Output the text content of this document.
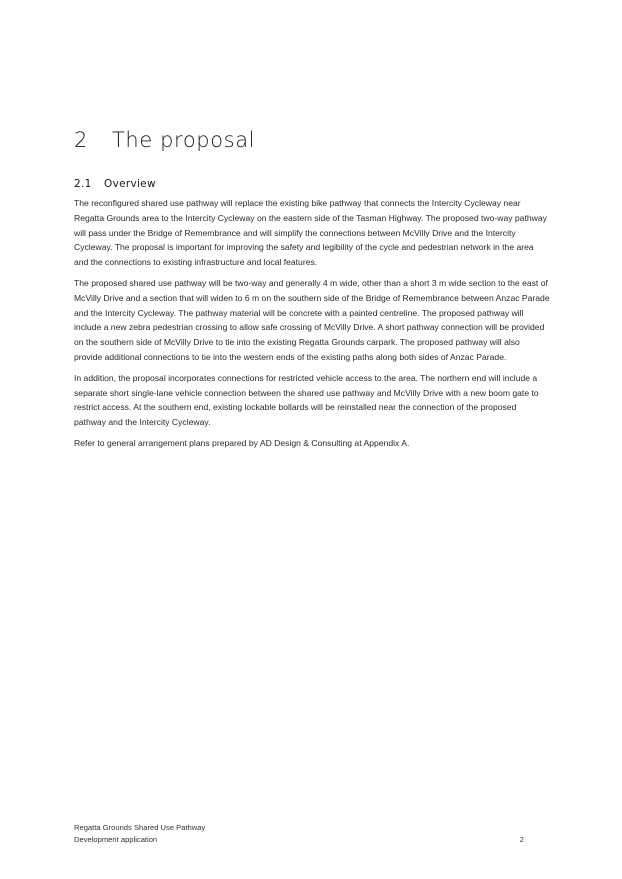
2 The proposal
2.1 Overview

The reconfigured shared use pathway will replace the existing bike pathway that connects the Intercity Cycleway near Regatta Grounds area to the Intercity Cycleway on the eastern side of the Tasman Highway. The proposed two-way pathway will pass under the Bridge of Remembrance and will simplify the connections between McVilly Drive and the Intercity Cycleway. The proposal is important for improving the safety and legibility of the cycle and pedestrian network in the area and the connections to existing infrastructure and local features.

The proposed shared use pathway will be two-way and generally 4 m wide, other than a short 3 m wide section to the east of McVilly Drive and a section that will widen to 6 m on the southern side of the Bridge of Remembrance between Anzac Parade and the Intercity Cycleway. The pathway material will be concrete with a painted centreline. The proposed pathway will include a new zebra pedestrian crossing to allow safe crossing of McVilly Drive. A short pathway connection will be provided on the southern side of McVilly Drive to tie into the existing Regatta Grounds carpark. The proposed pathway will also provide additional connections to tie into the western ends of the existing paths along both sides of Anzac Parade.

In addition, the proposal incorporates connections for restricted vehicle access to the area. The northern end will include a separate short single-lane vehicle connection between the shared use pathway and McVilly Drive with a new boom gate to restrict access. At the southern end, existing lockable bollards will be reinstalled near the connection of the proposed pathway and the Intercity Cycleway.

Refer to general arrangement plans prepared by AD Design & Consulting at Appendix A.

Regatta Grounds Shared Use Pathway
Development application	2
